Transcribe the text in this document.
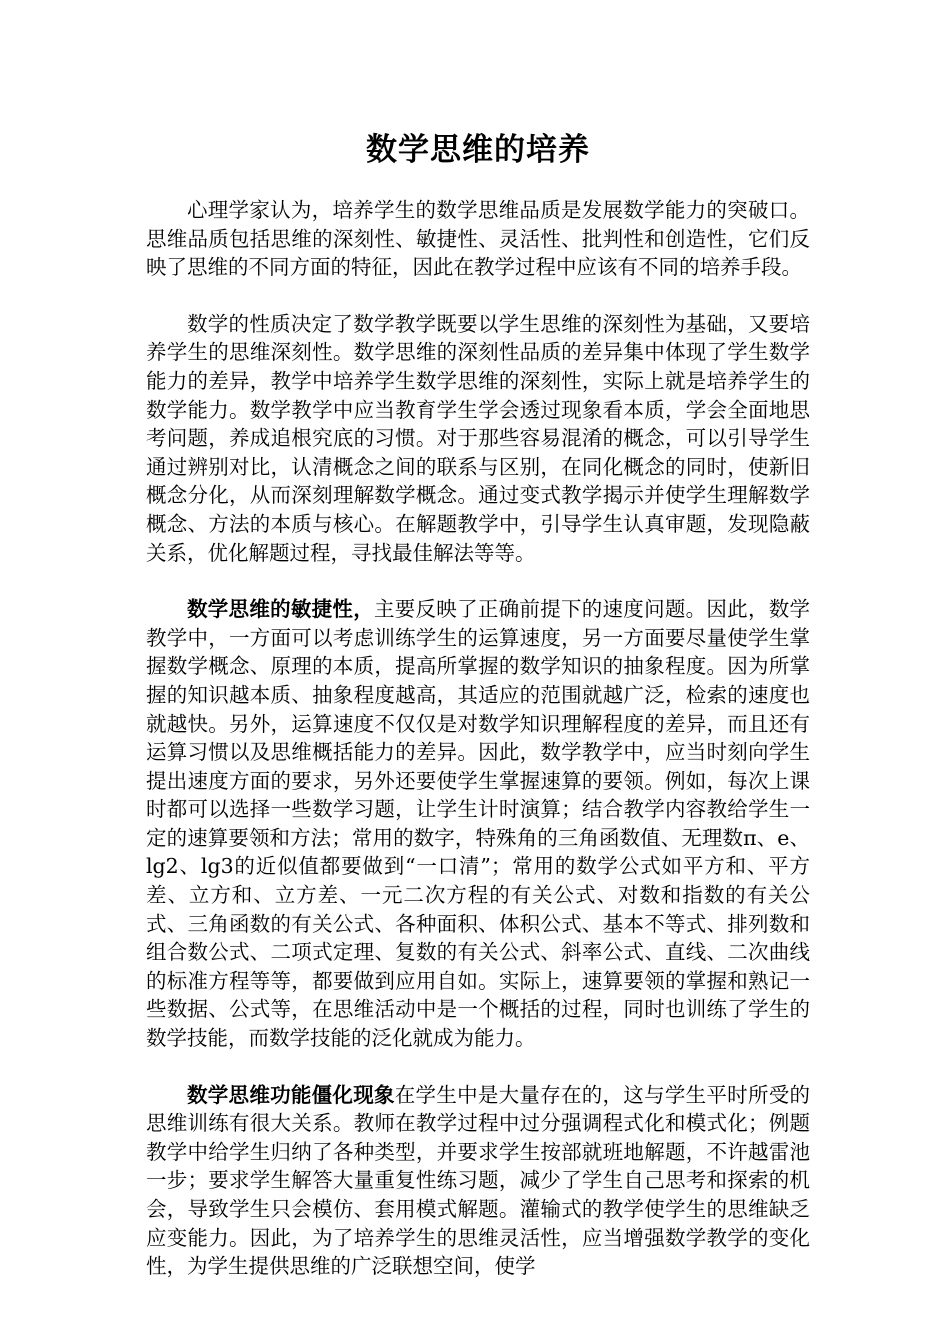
数学思维的培养

心理学家认为，培养学生的数学思维品质是发展数学能力的突破口。思维品质包括思维的深刻性、敏捷性、灵活性、批判性和创造性，它们反映了思维的不同方面的特征，因此在教学过程中应该有不同的培养手段。

数学的性质决定了数学教学既要以学生思维的深刻性为基础，又要培养学生的思维深刻性。数学思维的深刻性品质的差异集中体现了学生数学能力的差异，教学中培养学生数学思维的深刻性，实际上就是培养学生的数学能力。数学教学中应当教育学生学会透过现象看本质，学会全面地思考问题，养成追根究底的习惯。对于那些容易混淆的概念，可以引导学生通过辨别对比，认清概念之间的联系与区别，在同化概念的同时，使新旧概念分化，从而深刻理解数学概念。通过变式教学揭示并使学生理解数学概念、方法的本质与核心。在解题教学中，引导学生认真审题，发现隐蔽关系，优化解题过程，寻找最佳解法等等。

数学思维的敏捷性，主要反映了正确前提下的速度问题。因此，数学教学中，一方面可以考虑训练学生的运算速度，另一方面要尽量使学生掌握数学概念、原理的本质，提高所掌握的数学知识的抽象程度。因为所掌握的知识越本质、抽象程度越高，其适应的范围就越广泛，检索的速度也就越快。另外，运算速度不仅仅是对数学知识理解程度的差异，而且还有运算习惯以及思维概括能力的差异。因此，数学教学中，应当时刻向学生提出速度方面的要求，另外还要使学生掌握速算的要领。例如，每次上课时都可以选择一些数学习题，让学生计时演算；结合教学内容教给学生一定的速算要领和方法；常用的数字，特殊角的三角函数值、无理数π、e、lg2、lg3的近似值都要做到“一口清”；常用的数学公式如平方和、平方差、立方和、立方差、一元二次方程的有关公式、对数和指数的有关公式、三角函数的有关公式、各种面积、体积公式、基本不等式、排列数和组合数公式、二项式定理、复数的有关公式、斜率公式、直线、二次曲线的标准方程等等，都要做到应用自如。实际上，速算要领的掌握和熟记一些数据、公式等，在思维活动中是一个概括的过程，同时也训练了学生的数学技能，而数学技能的泛化就成为能力。

数学思维功能僵化现象在学生中是大量存在的，这与学生平时所受的思维训练有很大关系。教师在教学过程中过分强调程式化和模式化；例题教学中给学生归纳了各种类型，并要求学生按部就班地解题，不许越雷池一步；要求学生解答大量重复性练习题，减少了学生自己思考和探索的机会，导致学生只会模仿、套用模式解题。灌输式的教学使学生的思维缺乏应变能力。因此，为了培养学生的思维灵活性，应当增强数学教学的变化性，为学生提供思维的广泛联想空间，使学
